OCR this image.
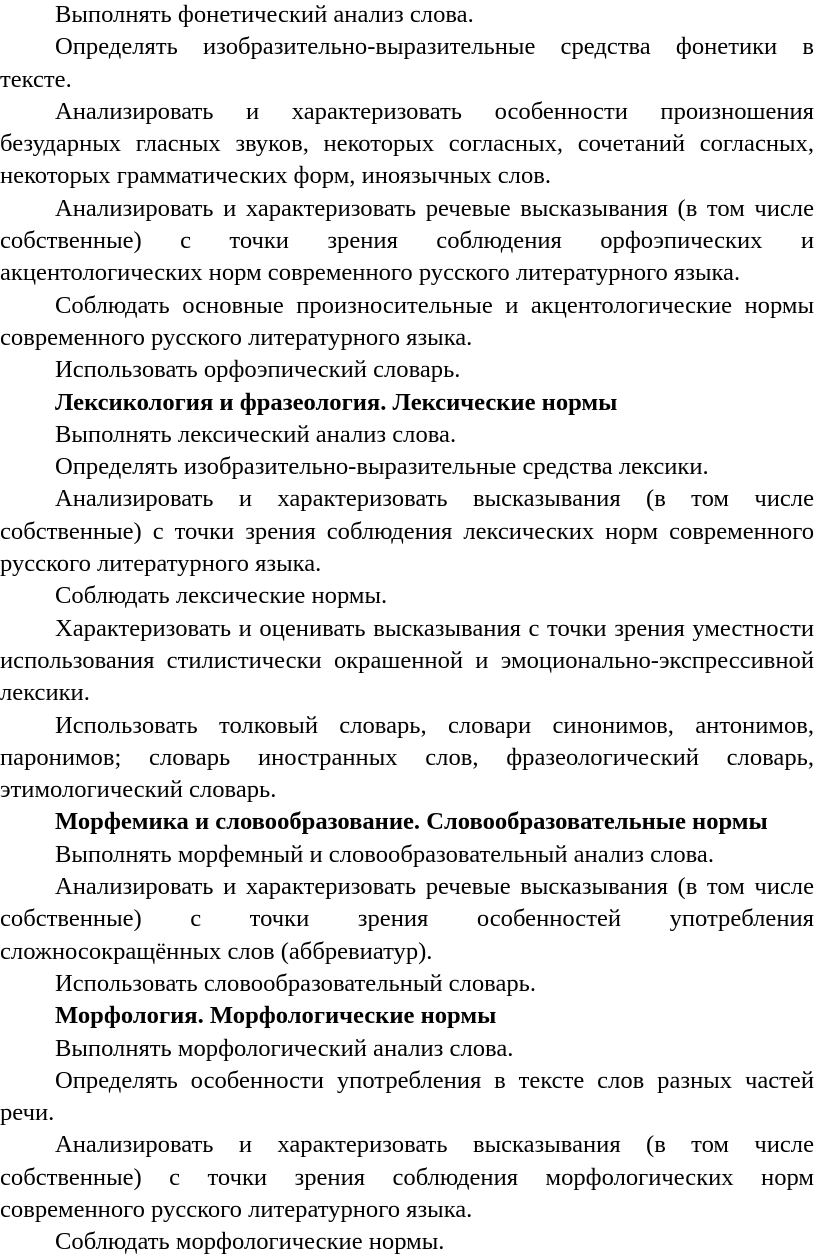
Выполнять фонетический анализ слова.

Определять изобразительно-выразительные средства фонетики в тексте.

Анализировать и характеризовать особенности произношения безударных гласных звуков, некоторых согласных, сочетаний согласных, некоторых грамматических форм, иноязычных слов.

Анализировать и характеризовать речевые высказывания (в том числе собственные) с точки зрения соблюдения орфоэпических и акцентологических норм современного русского литературного языка.

Соблюдать основные произносительные и акцентологические нормы современного русского литературного языка.

Использовать орфоэпический словарь.

Лексикология и фразеология. Лексические нормы

Выполнять лексический анализ слова.

Определять изобразительно-выразительные средства лексики.

Анализировать и характеризовать высказывания (в том числе собственные) с точки зрения соблюдения лексических норм современного русского литературного языка.

Соблюдать лексические нормы.

Характеризовать и оценивать высказывания с точки зрения уместности использования стилистически окрашенной и эмоционально-экспрессивной лексики.

Использовать толковый словарь, словари синонимов, антонимов, паронимов; словарь иностранных слов, фразеологический словарь, этимологический словарь.

Морфемика и словообразование. Словообразовательные нормы

Выполнять морфемный и словообразовательный анализ слова.

Анализировать и характеризовать речевые высказывания (в том числе собственные) с точки зрения особенностей употребления сложносокращённых слов (аббревиатур).

Использовать словообразовательный словарь.

Морфология. Морфологические нормы

Выполнять морфологический анализ слова.

Определять особенности употребления в тексте слов разных частей речи.

Анализировать и характеризовать высказывания (в том числе собственные) с точки зрения соблюдения морфологических норм современного русского литературного языка.

Соблюдать морфологические нормы.
